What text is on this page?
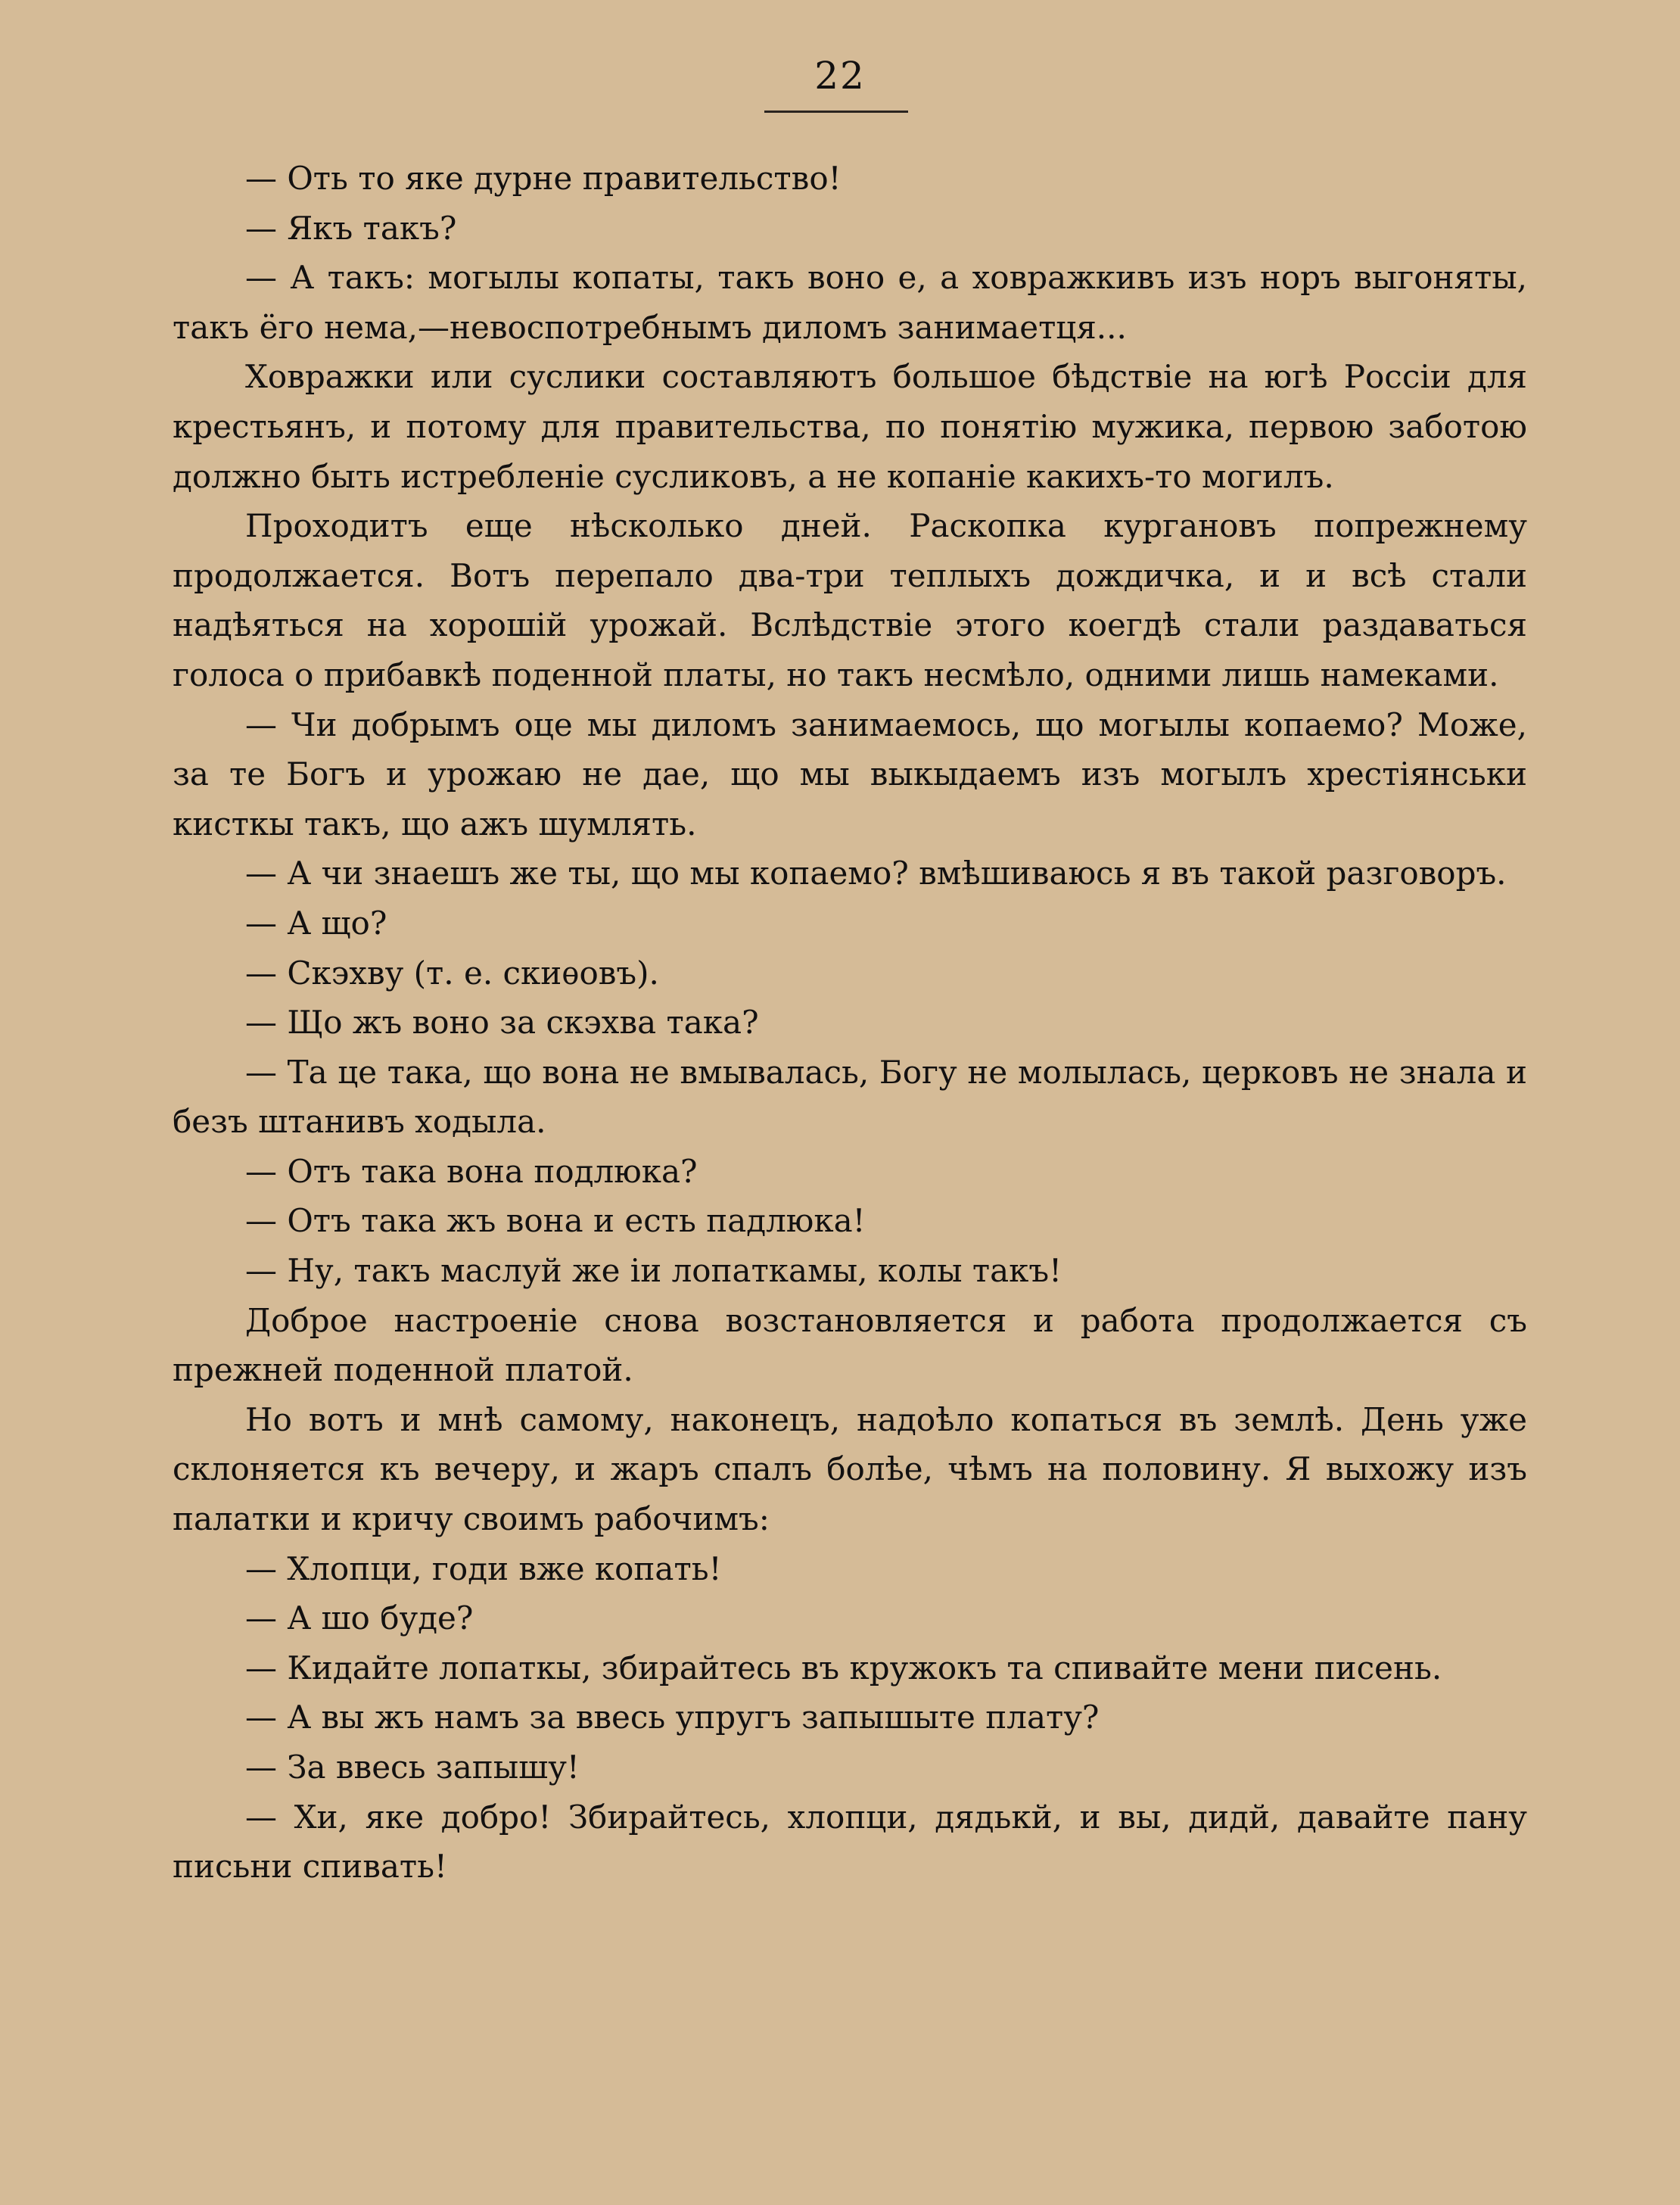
22

— Оть то яке дурне правительство!

— Якъ такъ?

— А такъ: могылы копаты, такъ воно е, а ховражкивъ изъ норъ выгоняты, такъ ёго нема,—невоспотребнымъ диломъ занимаетця...

Ховражки или суслики составляютъ большое бѣдствіе на югѣ Россіи для крестьянъ, и потому для правительства, по понятію мужика, первою заботою должно быть истребленіе сусликовъ, а не копаніе какихъ-то могилъ.

Проходитъ еще нѣсколько дней. Раскопка кургановъ попрежнему продолжается. Вотъ перепало два-три теплыхъ дождичка, и и всѣ стали надѣяться на хорошій урожай. Вслѣдствіе этого коегдѣ стали раздаваться голоса о прибавкѣ поденной платы, но такъ несмѣло, одними лишь намеками.

— Чи добрымъ оце мы диломъ занимаемось, що могылы копаемо? Може, за те Богъ и урожаю не дае, що мы выкыдаемъ изъ могылъ хрестіянськи кисткы такъ, що ажъ шумлять.

— А чи знаешъ же ты, що мы копаемо? вмѣшиваюсь я въ такой разговоръ.

— А що?

— Скэхву (т. е. скиѳовъ).

— Що жъ воно за скэхва така?

— Та це така, що вона не вмывалась, Богу не молылась, церковъ не знала и безъ штанивъ ходыла.

— Отъ така вона подлюка?

— Отъ така жъ вона и есть падлюка!

— Ну, такъ маслуй же іи лопаткамы, колы такъ!

Доброе настроеніе снова возстановляется и работа продолжается съ прежней поденной платой.

Но вотъ и мнѣ самому, наконецъ, надоѣло копаться въ землѣ. День уже склоняется къ вечеру, и жаръ спалъ болѣе, чѣмъ на половину. Я выхожу изъ палатки и кричу своимъ рабочимъ:

— Хлопци, годи вже копать!

— А шо буде?

— Кидайте лопаткы, збирайтесь въ кружокъ та спивайте мени писень.

— А вы жъ намъ за ввесь упругъ запышыте плату?

— За ввесь запышу!

— Хи, яке добро! Збирайтесь, хлопци, дядькй, и вы, дидй, давайте пану письни спивать!
